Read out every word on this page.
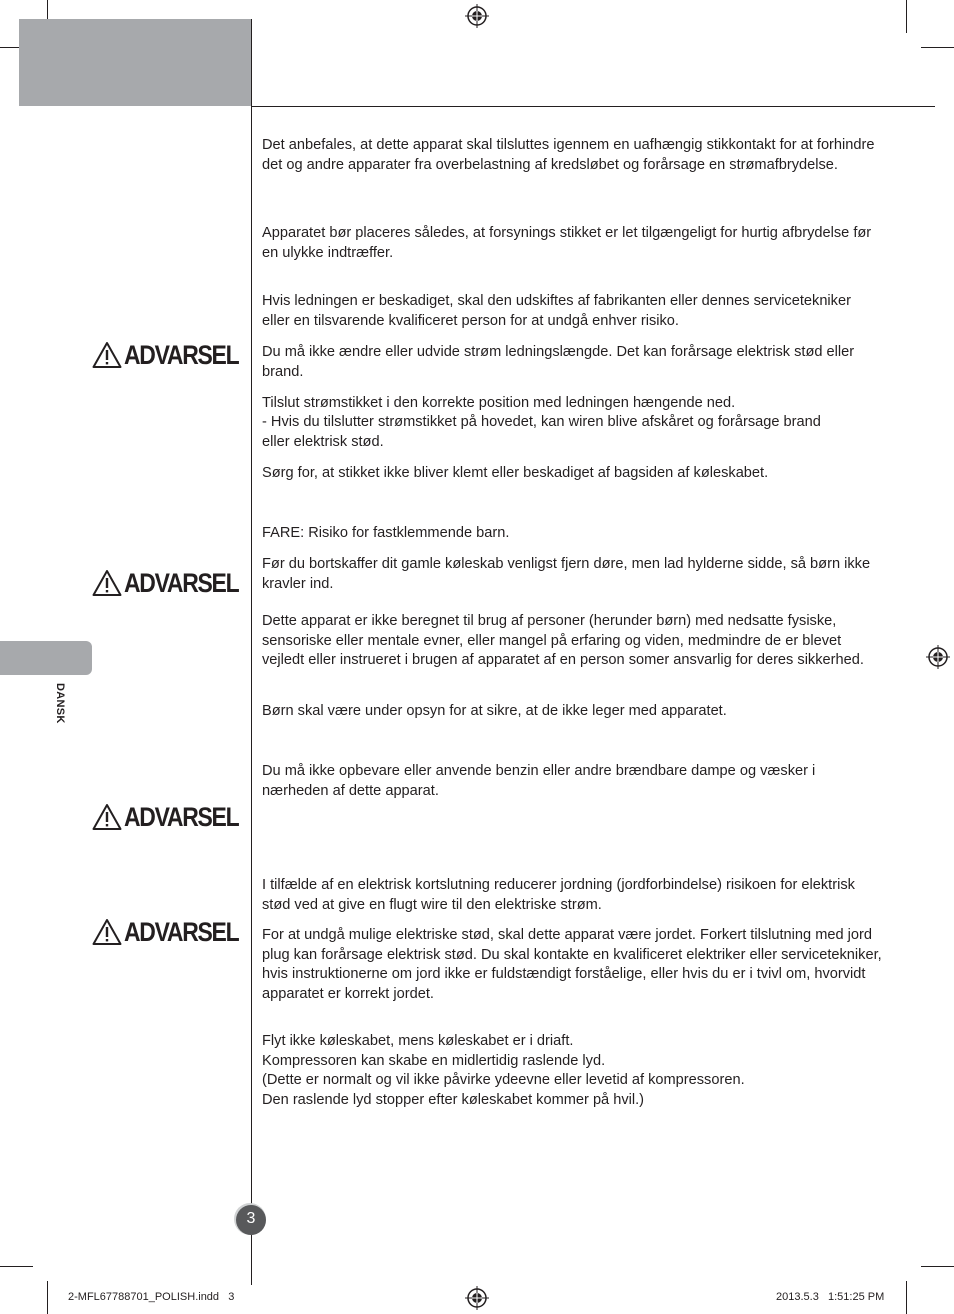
DANSK
ADVARSEL
ADVARSEL
ADVARSEL
ADVARSEL

Det anbefales, at dette apparat skal tilsluttes igennem en uafhængig stikkontakt for at forhindre det og andre apparater fra overbelastning af kredsløbet og forårsage en strømafbrydelse.

Apparatet bør placeres således, at forsynings stikket er let tilgængeligt for hurtig afbrydelse før en ulykke indtræffer.

Hvis ledningen er beskadiget, skal den udskiftes af fabrikanten eller dennes servicetekniker eller en tilsvarende kvalificeret person for at undgå enhver risiko.

Du må ikke ændre eller udvide strøm ledningslængde. Det kan forårsage elektrisk stød eller brand.

Tilslut strømstikket i den korrekte position med ledningen hængende ned.

- Hvis du tilslutter strømstikket på hovedet, kan wiren blive afskåret og forårsage brand
eller elektrisk stød.

Sørg for, at stikket ikke bliver klemt eller beskadiget af bagsiden af køleskabet.

FARE: Risiko for fastklemmende barn.

Før du bortskaffer dit gamle køleskab venligst fjern døre, men lad hylderne sidde, så børn ikke kravler ind.

Dette apparat er ikke beregnet til brug af personer (herunder børn) med nedsatte fysiske, sensoriske eller mentale evner, eller mangel på erfaring og viden, medmindre de er blevet vejledt eller instrueret i brugen af apparatet af en person somer ansvarlig for deres sikkerhed.

Børn skal være under opsyn for at sikre, at de ikke leger med apparatet.

Du må ikke opbevare eller anvende benzin eller andre brændbare dampe og væsker i nærheden af dette apparat.

I tilfælde af en elektrisk kortslutning reducerer jordning (jordforbindelse) risikoen for elektrisk stød ved at give en flugt wire til den elektriske strøm.

For at undgå mulige elektriske stød, skal dette apparat være jordet. Forkert tilslutning med jord plug kan forårsage elektrisk stød. Du skal kontakte en kvalificeret elektriker eller servicetekniker, hvis instruktionerne om jord ikke er fuldstændigt forståelige, eller hvis du er i tvivl om, hvorvidt apparatet er korrekt jordet.

Flyt ikke køleskabet, mens køleskabet er i driaft.
Kompressoren kan skabe en midlertidig raslende lyd.
(Dette er normalt og vil ikke påvirke ydeevne eller levetid af kompressoren.
Den raslende lyd stopper efter køleskabet kommer på hvil.)

3
2-MFL67788701_POLISH.indd   3	2013.5.3   1:51:25 PM
